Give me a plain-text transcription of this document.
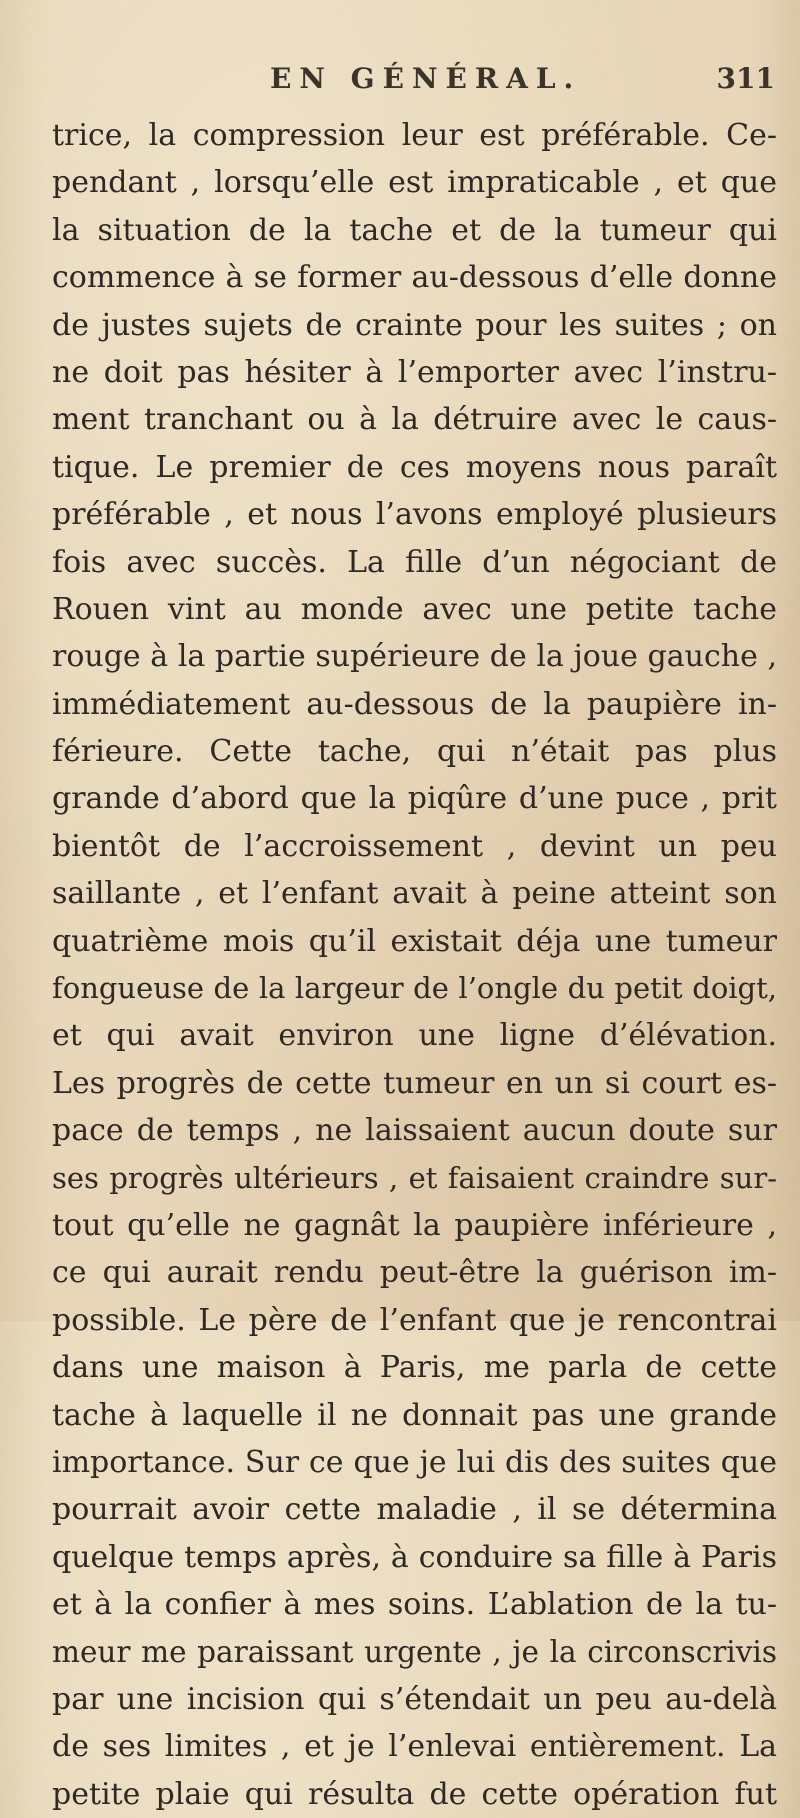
EN GÉNÉRAL.	311
trice, la compression leur est préférable. Ce-
pendant , lorsqu’elle est impraticable , et que
la situation de la tache et de la tumeur qui
commence à se former au-dessous d’elle donne
de justes sujets de crainte pour les suites ; on
ne doit pas hésiter à l’emporter avec l’instru-
ment tranchant ou à la détruire avec le caus-
tique. Le premier de ces moyens nous paraît
préférable , et nous l’avons employé plusieurs
fois avec succès. La fille d’un négociant de
Rouen vint au monde avec une petite tache
rouge à la partie supérieure de la joue gauche ,
immédiatement au-dessous de la paupière in-
férieure. Cette tache, qui n’était pas plus
grande d’abord que la piqûre d’une puce , prit
bientôt de l’accroissement , devint un peu
saillante , et l’enfant avait à peine atteint son
quatrième mois qu’il existait déja une tumeur
fongueuse de la largeur de l’ongle du petit doigt,
et qui avait environ une ligne d’élévation.
Les progrès de cette tumeur en un si court es-
pace de temps , ne laissaient aucun doute sur
ses progrès ultérieurs , et faisaient craindre sur-
tout qu’elle ne gagnât la paupière inférieure ,
ce qui aurait rendu peut-être la guérison im-
possible. Le père de l’enfant que je rencontrai
dans une maison à Paris, me parla de cette
tache à laquelle il ne donnait pas une grande
importance. Sur ce que je lui dis des suites que
pourrait avoir cette maladie , il se détermina
quelque temps après, à conduire sa fille à Paris
et à la confier à mes soins. L’ablation de la tu-
meur me paraissant urgente , je la circonscrivis
par une incision qui s’étendait un peu au-delà
de ses limites , et je l’enlevai entièrement. La
petite plaie qui résulta de cette opération fut
